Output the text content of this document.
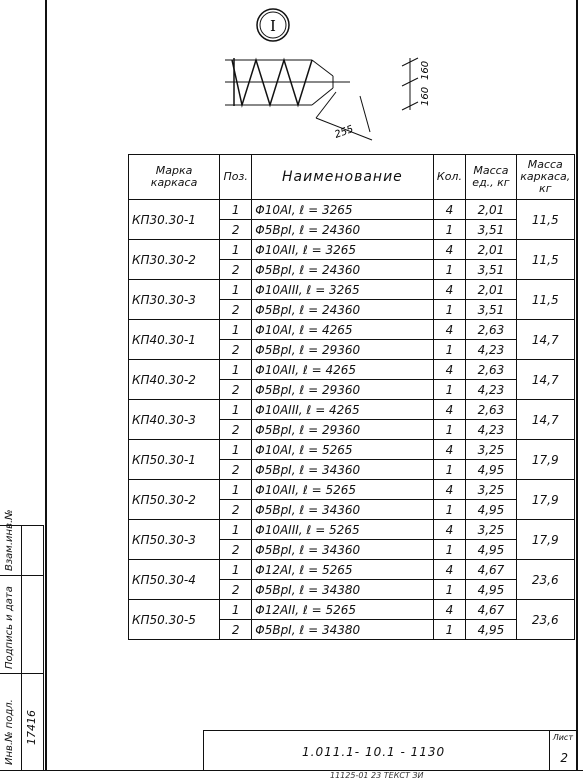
I
160
160
255
Марка каркаса	Поз.	Наименование	Кол.	Масса ед., кг	Масса каркаса, кг
КП30.30-1	1	Φ10AI, ℓ = 3265	4	2,01	11,5
	2	Φ5BpI, ℓ = 24360	1	3,51	
КП30.30-2	1	Φ10AII, ℓ = 3265	4	2,01	11,5
	2	Φ5BpI, ℓ = 24360	1	3,51	
КП30.30-3	1	Φ10AIII, ℓ = 3265	4	2,01	11,5
	2	Φ5BpI, ℓ = 24360	1	3,51	
КП40.30-1	1	Φ10AI, ℓ = 4265	4	2,63	14,7
	2	Φ5BpI, ℓ = 29360	1	4,23	
КП40.30-2	1	Φ10AII, ℓ = 4265	4	2,63	14,7
	2	Φ5BpI, ℓ = 29360	1	4,23	
КП40.30-3	1	Φ10AIII, ℓ = 4265	4	2,63	14,7
	2	Φ5BpI, ℓ = 29360	1	4,23	
КП50.30-1	1	Φ10AI, ℓ = 5265	4	3,25	17,9
	2	Φ5BpI, ℓ = 34360	1	4,95	
КП50.30-2	1	Φ10AII, ℓ = 5265	4	3,25	17,9
	2	Φ5BpI, ℓ = 34360	1	4,95	
КП50.30-3	1	Φ10AIII, ℓ = 5265	4	3,25	17,9
	2	Φ5BpI, ℓ = 34360	1	4,95	
КП50.30-4	1	Φ12AI, ℓ = 5265	4	4,67	23,6
	2	Φ5BpI, ℓ = 34380	1	4,95	
КП50.30-5	1	Φ12AII, ℓ = 5265	4	4,67	23,6
	2	Φ5BpI, ℓ = 34380	1	4,95	
Взам.инв.№
Подпись и дата
Инв.№ подл. 17416
1.011.1- 10.1 - 1130
Лист
2
11125-01 23 ТЕКСТ ЗИ
